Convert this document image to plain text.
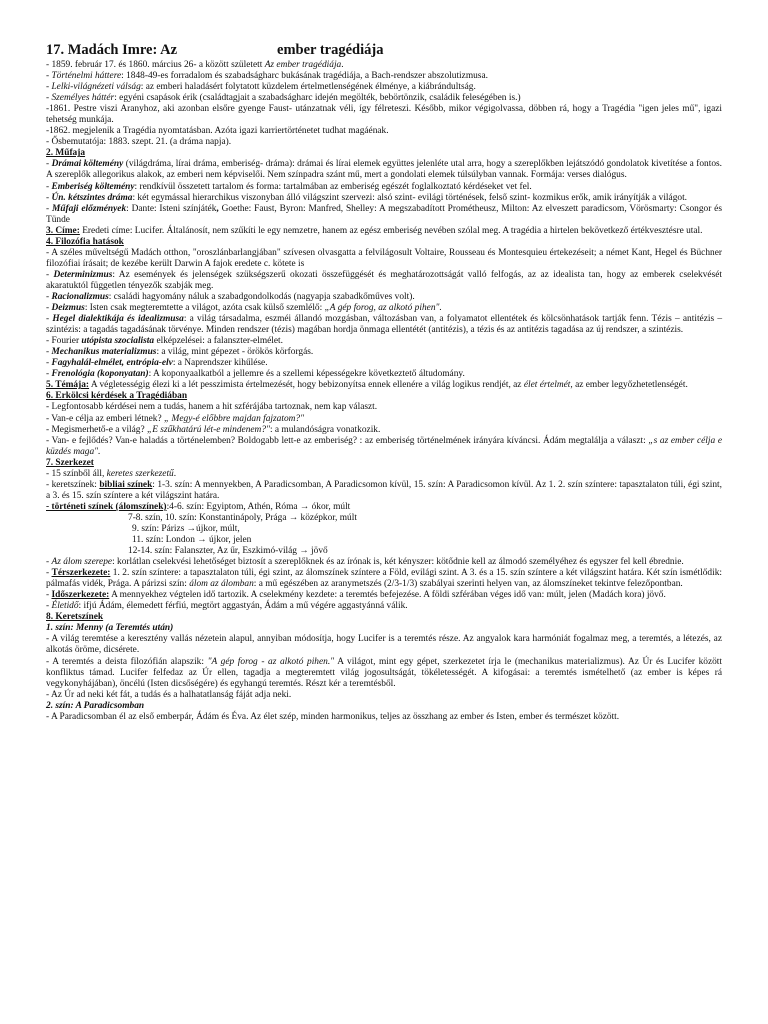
17. Madách Imre: Az	ember tragédiája
- 1859. február 17. és 1860. március 26- a között született Az ember tragédiája.
- Történelmi háttere: 1848-49-es forradalom és szabadságharc bukásának tragédiája, a Bach-rendszer abszolutizmusa.
- Lelki-világnézeti válság: az emberi haladásért folytatott küzdelem értelmetlenségének élménye, a kiábrándultság.
- Személyes háttér: egyéni csapások érik (családtagjait a szabadságharc idején megölték, bebörtönzik, családik feleségében is.)
-1861. Pestre viszi Aranyhoz, aki azonban elsőre gyenge Faust- utánzatnak véli, így félreteszi. Később, mikor végigolvassa, döbben rá, hogy a Tragédia "igen jeles mű", igazi tehetség munkája.
-1862. megjelenik a Tragédia nyomtatásban. Azóta igazi karriertörténetet tudhat magáénak.
- Ősbemutatója: 1883. szept. 21. (a dráma napja).
2. Műfaja
- Drámai költemény (világdráma, lírai dráma, emberiség- dráma): drámai és lírai elemek együttes jelenléte utal arra, hogy a szereplőkben lejátszódó gondolatok kivetítése a fontos. A szereplők allegorikus alakok, az emberi nem képviselői. Nem színpadra szánt mű, mert a gondolati elemek túlsúlyban vannak. Formája: verses dialógus.
- Emberiség költemény: rendkívül összetett tartalom és forma: tartalmában az emberiség egészét foglalkoztató kérdéseket vet fel.
- Ún. kétszintes dráma: két egymással hierarchikus viszonyban álló világszint szervezi: alsó szint- evilági történések, felső szint- kozmikus erők, amik irányítják a világot.
- Műfaji előzmények: Dante: Isteni színjáték, Goethe: Faust, Byron: Manfred, Shelley: A megszabadított Prométheusz, Milton: Az elveszett paradicsom, Vörösmarty: Csongor és Tünde
3. Címe: Eredeti címe: Lucifer. Általánosít, nem szűkíti le egy nemzetre, hanem az egész emberiség nevében szólal meg. A tragédia a hirtelen bekövetkező értékvesztésre utal.
4. Filozófia hatások
- A széles műveltségű Madách otthon, "oroszlánbarlangjában" szívesen olvasgatta a felvilágosult Voltaire, Rousseau és Montesquieu értekezéseit; a német Kant, Hegel és Büchner filozófiai írásait; de kezébe került Darwin A fajok eredete c. kötete is
- Determinizmus: Az események és jelenségek szükségszerű okozati összefüggését és meghatározottságát valló felfogás, az az idealista tan, hogy az emberek cselekvését akaratuktól független tényezők szabják meg.
- Racionalizmus: családi hagyomány náluk a szabadgondolkodás (nagyapja szabadkőműves volt).
- Deizmus: Isten csak megteremtette a világot, azóta csak külső szemlélő: „A gép forog, az alkotó pihen".
- Hegel dialektikája és idealizmusa: a világ társadalma, eszméi állandó mozgásban, változásban van, a folyamatot ellentétek és kölcsönhatások tartják fenn. Tézis – antitézis – szintézis: a tagadás tagadásának törvénye. Minden rendszer (tézis) magában hordja önmaga ellentétét (antitézis), a tézis és az antitézis tagadása az új rendszer, a szintézis.
- Fourier utópista szocialista elképzelései: a falanszter-elmélet.
- Mechanikus materializmus: a világ, mint gépezet - örökös körforgás.
- Fagyhalál-elmélet, entrópia-elv: a Naprendszer kihűlése.
- Frenológia (koponyatan): A koponyaalkatból a jellemre és a szellemi képességekre következtető áltudomány.
5. Témája: A végletességig élezi ki a lét pesszimista értelmezését, hogy bebizonyítsa ennek ellenére a világ logikus rendjét, az élet értelmét, az ember legyőzhetetlenségét.
6. Erkölcsi kérdések a Tragédiában
- Legfontosabb kérdései nem a tudás, hanem a hit szférájába tartoznak, nem kap választ.
- Van-e célja az emberi létnek? „ Megy-é előbbre majdan fajzatom?"
- Megismerhető-e a világ? „E szűkhatárú lét-e mindenem?": a mulandóságra vonatkozik.
- Van- e fejlődés? Van-e haladás a történelemben? Boldogabb lett-e az emberiség? : az emberiség történelmének irányára kíváncsi. Ádám megtalálja a választ: „s az ember célja e küzdés maga".
7. Szerkezet
- 15 színből áll, keretes szerkezetű.
- keretszínek: bibliai színek: 1-3. szín: A mennyekben, A Paradicsomban, A Paradicsomon kívül, 15. szín: A Paradicsomon kívül. Az 1. 2. szín színtere: tapasztalaton túli, égi szint, a 3. és 15. szín színtere a két világszint határa.
- történeti színek (álomszínek):4-6. szín: Egyiptom, Athén, Róma → ókor, múlt
7-8. szín, 10. szín: Konstantinápoly, Prága → középkor, múlt
9. szín: Párizs →újkor, múlt,
11. szín: London → újkor, jelen
12-14. szín: Falanszter, Az űr, Eszkimó-világ → jövő
- Az álom szerepe: korlátlan cselekvési lehetőséget biztosít a szereplőknek és az írónak is, két kényszer: kötődnie kell az álmodó személyéhez és egyszer fel kell ébrednie.
- Térszerkezete: 1. 2. szín színtere: a tapasztalaton túli, égi szint, az álomszínek színtere a Föld, evilági szint. A 3. és a 15. szín színtere a két világszint határa. Két szín ismétlődik: pálmafás vidék, Prága. A párizsi szín: álom az álomban: a mű egészében az aranymetszés (2/3-1/3) szabályai szerinti helyen van, az álomszíneket tekintve felezőpontban.
- Időszerkezete: A mennyekhez végtelen idő tartozik. A cselekmény kezdete: a teremtés befejezése. A földi szférában véges idő van: múlt, jelen (Madách kora) jövő.
- Életidő: ifjú Ádám, élemedett férfiú, megtört aggastyán, Ádám a mű végére aggastyánná válik.
8. Keretszínek
1. szín: Menny (a Teremtés után)
- A világ teremtése a keresztény vallás nézetein alapul, annyiban módosítja, hogy Lucifer is a teremtés része. Az angyalok kara harmóniát fogalmaz meg, a teremtés, a létezés, az alkotás öröme, dicsérete.
- A teremtés a deista filozófián alapszik: "A gép forog - az alkotó pihen." A világot, mint egy gépet, szerkezetet írja le (mechanikus materializmus). Az Úr és Lucifer között konfliktus támad. Lucifer felfedaz az Úr ellen, tagadja a megteremtett világ jogosultságát, tökéletességét. A kifogásai: a teremtés ismételhető (az ember is képes rá vegykonyhájában), öncélú (Isten dicsőségére) és egyhangú teremtés. Részt kér a teremtésből.
- Az Úr ad neki két fát, a tudás és a halhatatlanság fáját adja neki.
2. szín: A Paradicsomban
- A Paradicsomban él az első emberpár, Ádám és Éva. Az élet szép, minden harmonikus, teljes az összhang az ember és Isten, ember és természet között.
